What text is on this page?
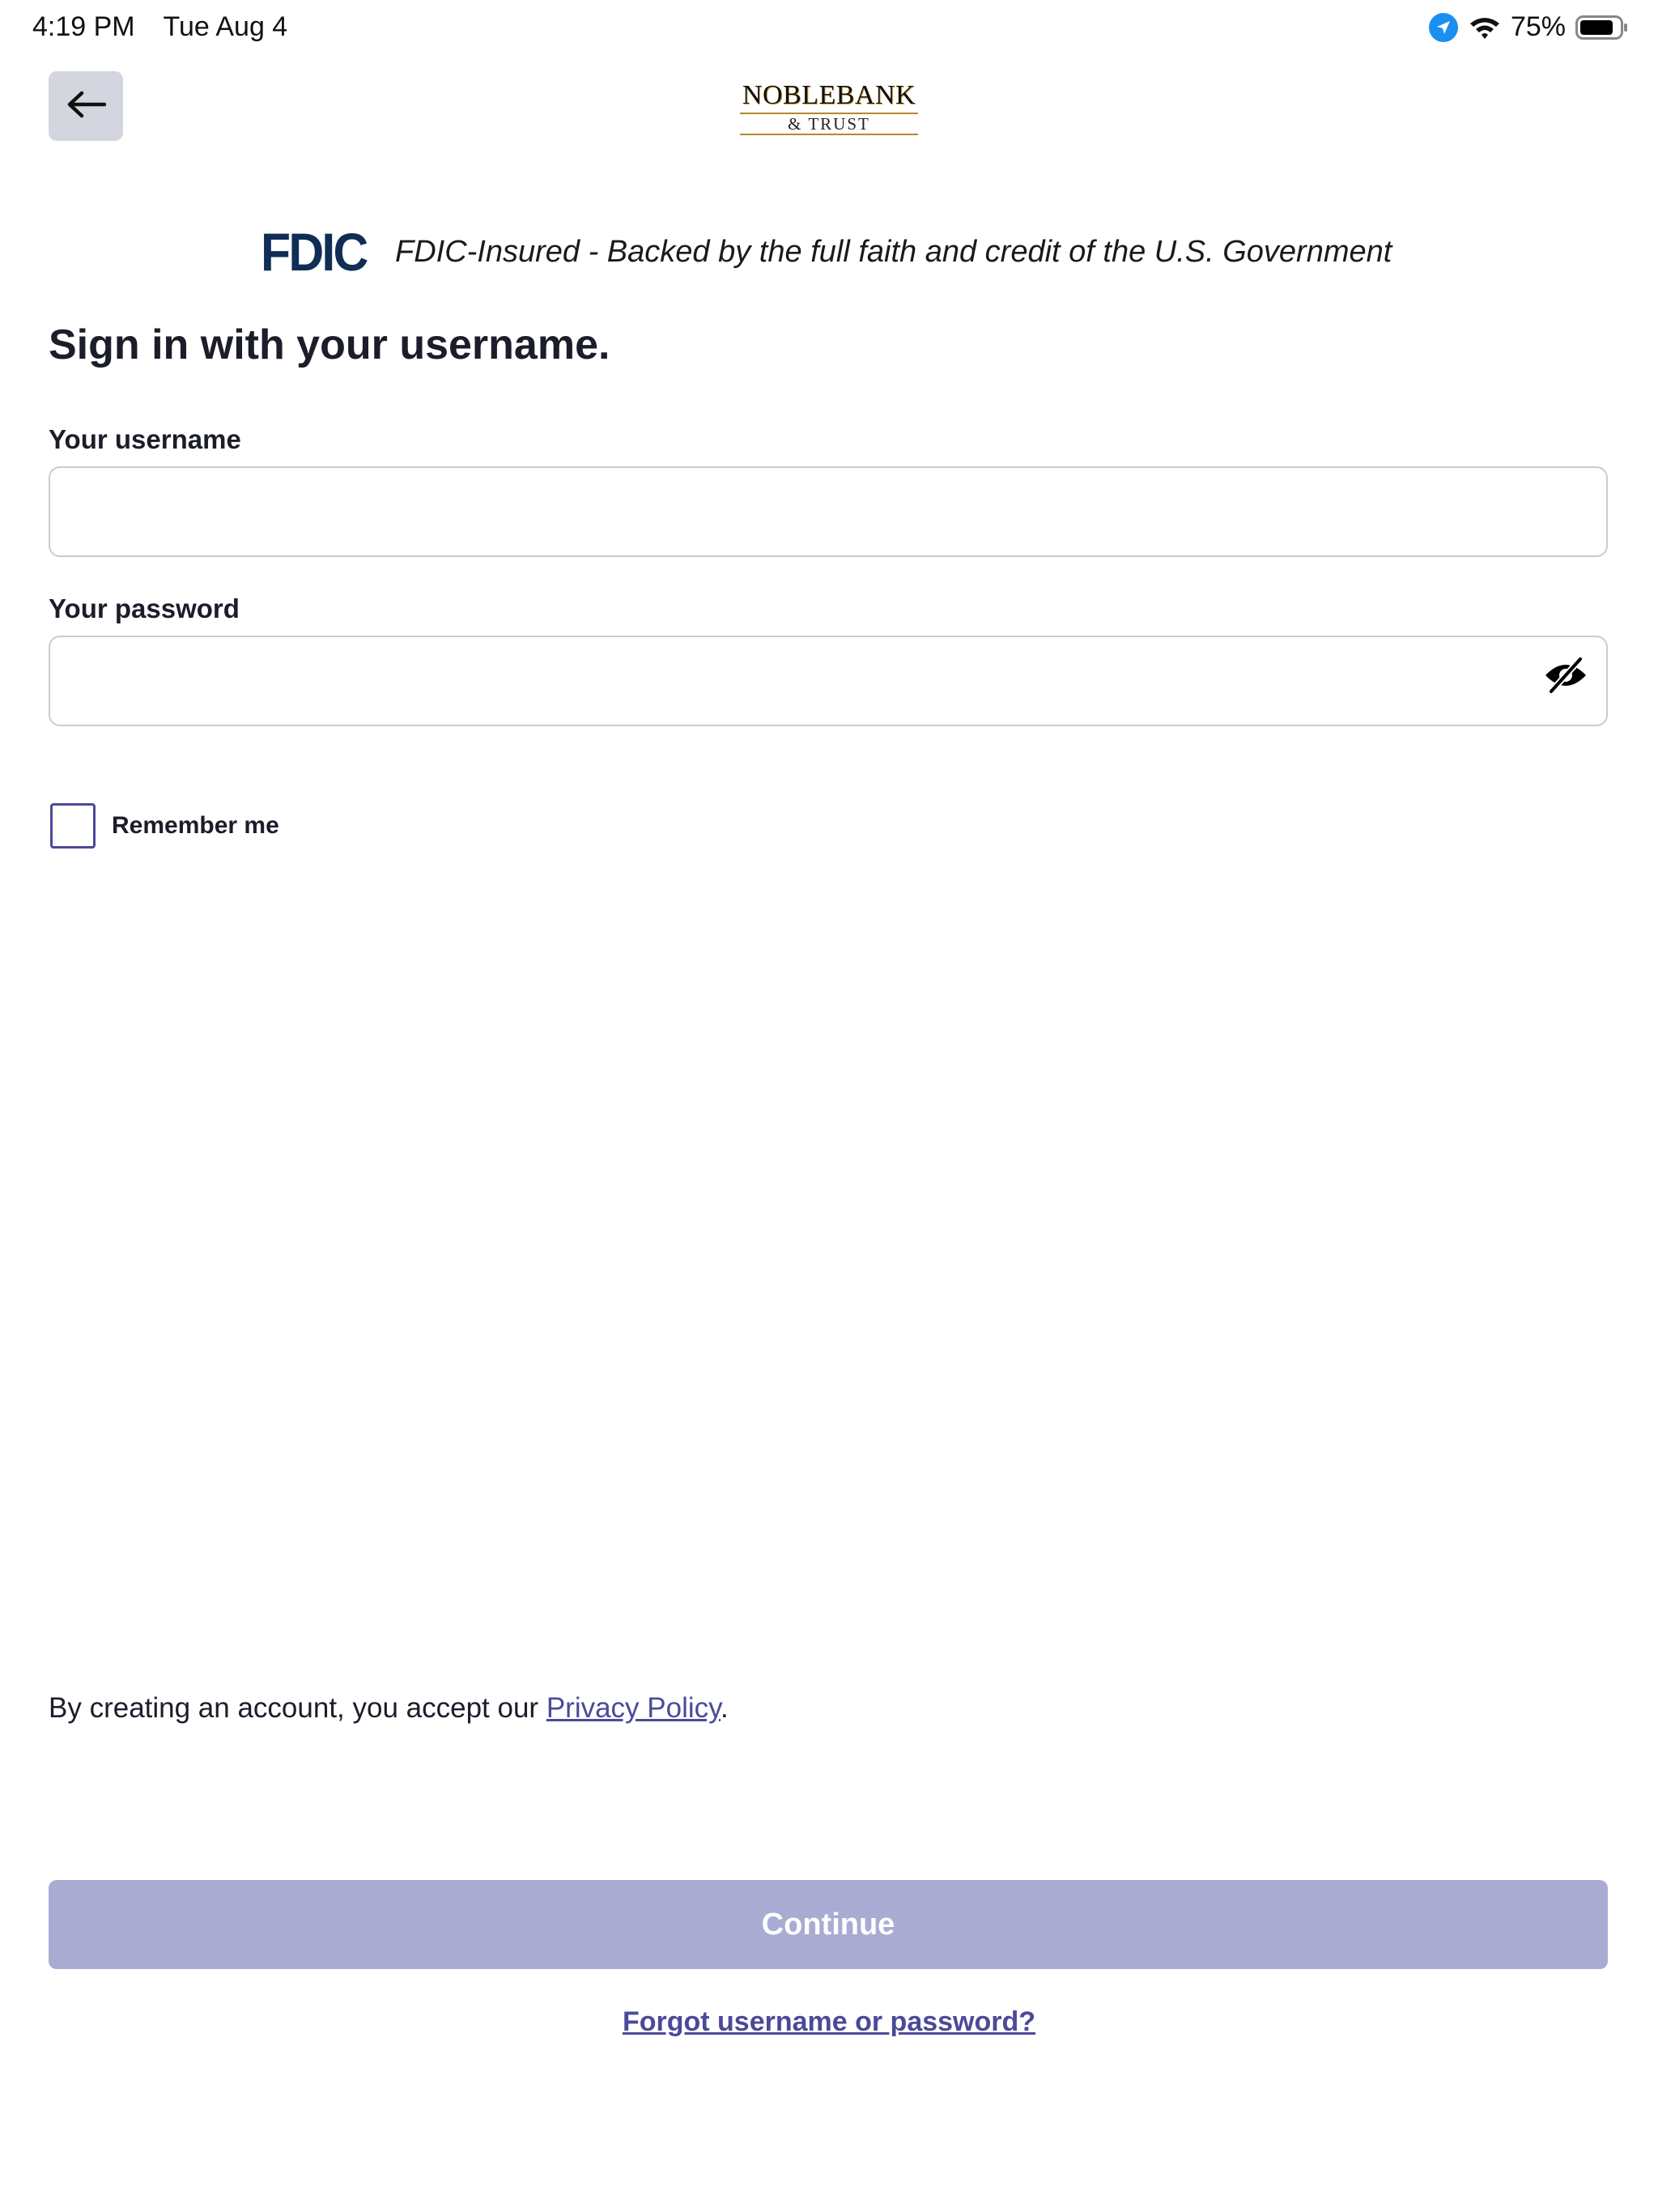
4:19 PM Tue Aug 4	75%
NOBLEBANK
& TRUST
FDIC FDIC-Insured - Backed by the full faith and credit of the U.S. Government
Sign in with your username.
Your username
Your password
Remember me
By creating an account, you accept our Privacy Policy.
Continue
Forgot username or password?
